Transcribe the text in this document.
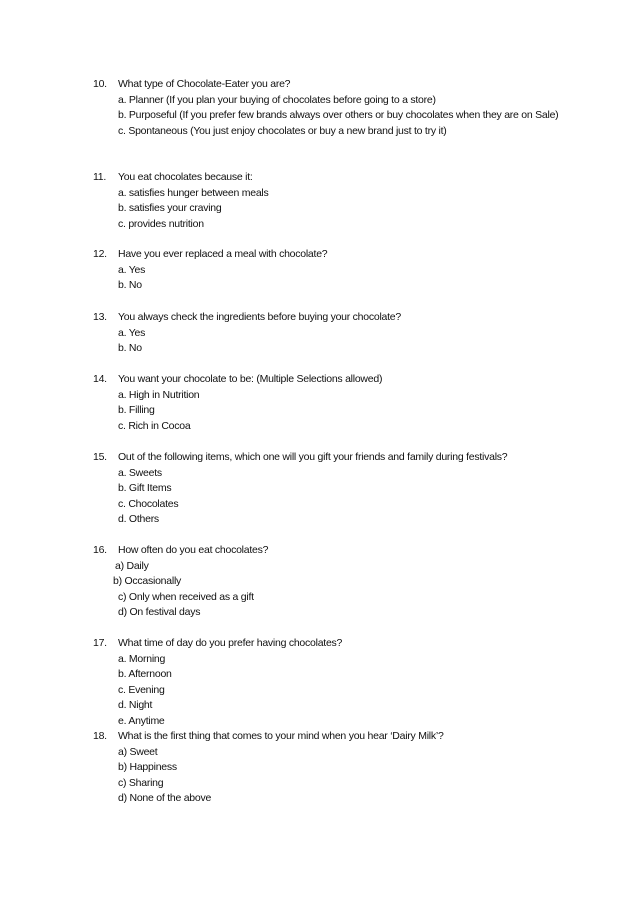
10.	What type of Chocolate-Eater you are?
a. Planner (If you plan your buying of chocolates before going to a store)
b. Purposeful (If you prefer few brands always over others or buy chocolates when they are on Sale)
c. Spontaneous (You just enjoy chocolates or buy a new brand just to try it)
11.	You eat chocolates because it:
a. satisfies hunger between meals
b. satisfies your craving
c. provides nutrition
12.	Have you ever replaced a meal with chocolate?
a. Yes
b. No
13.	You always check the ingredients before buying your chocolate?
a. Yes
b. No
14.	You want your chocolate to be: (Multiple Selections allowed)
a. High in Nutrition
b. Filling
c. Rich in Cocoa
15.	Out of the following items, which one will you gift your friends and family during festivals?
a. Sweets
b. Gift Items
c. Chocolates
d. Others
16.	How often do you eat chocolates?
a) Daily
b) Occasionally
c) Only when received as a gift
d) On festival days
17.	What time of day do you prefer having chocolates?
a. Morning
b. Afternoon
c. Evening
d. Night
e. Anytime
18.	What is the first thing that comes to your mind when you hear ‘Dairy Milk’?
a) Sweet
b) Happiness
c) Sharing
d) None of the above
